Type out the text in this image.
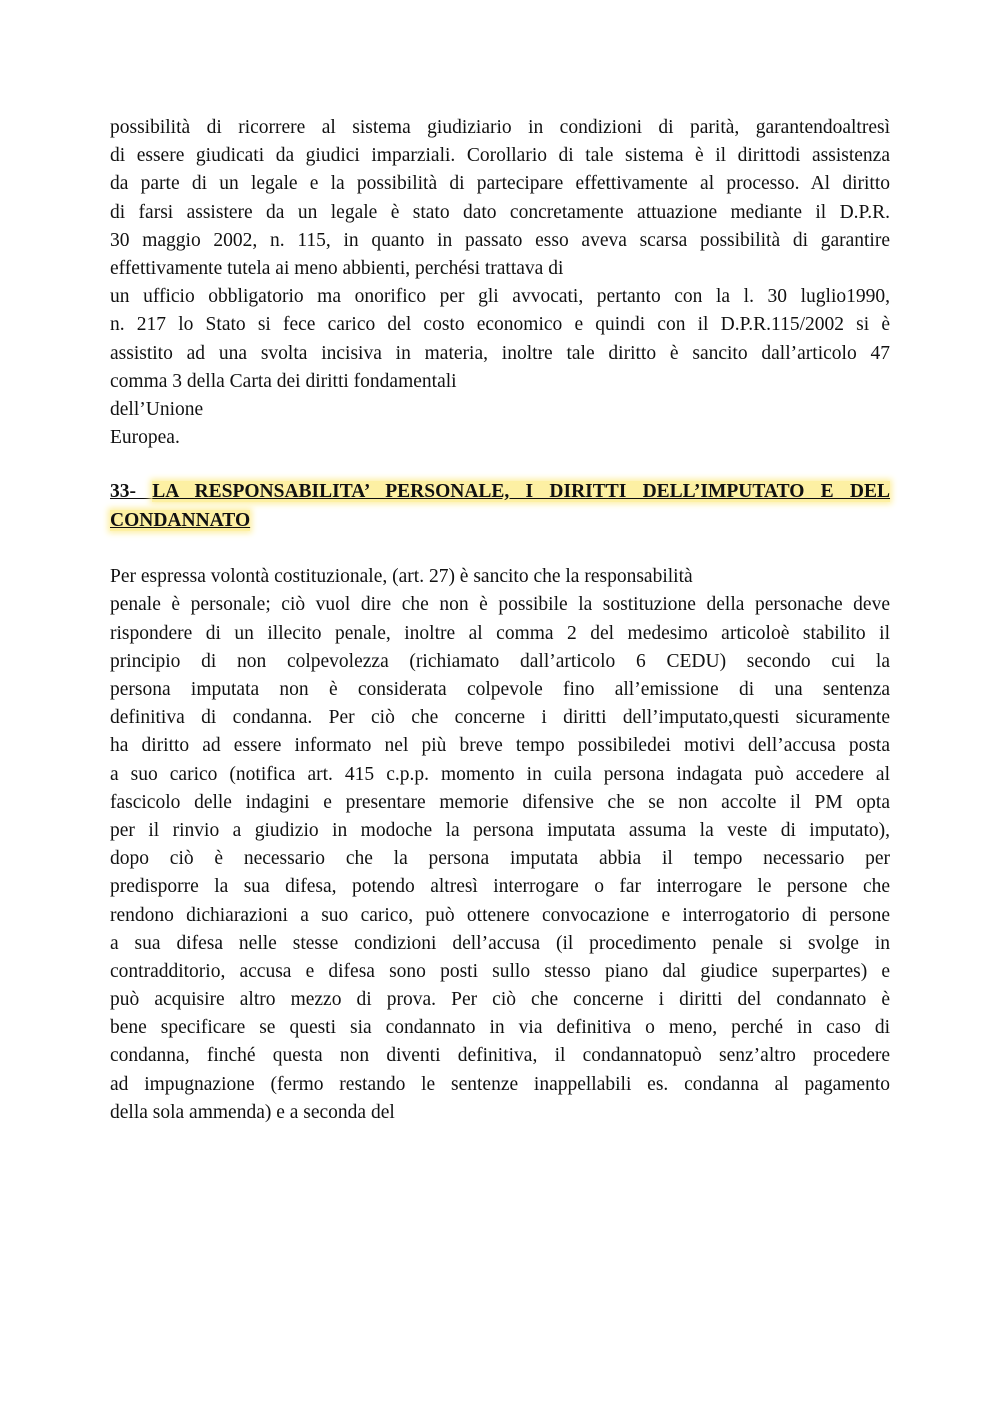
possibilità di ricorrere al sistema giudiziario in condizioni di parità, garantendoaltresì
di essere giudicati da giudici imparziali. Corollario di tale sistema è il dirittodi assistenza
da parte di un legale e la possibilità di partecipare effettivamente al processo. Al diritto
di farsi assistere da un legale è stato dato concretamente attuazione mediante il D.P.R.
30 maggio 2002, n. 115, in quanto in passato esso aveva scarsa possibilità di garantire
effettivamente tutela ai meno abbienti, perchési trattava di
un ufficio obbligatorio ma onorifico per gli avvocati, pertanto con la l. 30 luglio1990,
n. 217 lo Stato si fece carico del costo economico e quindi con il D.P.R.115/2002 si è
assistito ad una svolta incisiva in materia, inoltre tale diritto è sancito dall’articolo 47
comma 3 della Carta dei diritti fondamentali
dell’Unione
Europea.
33- LA RESPONSABILITA’ PERSONALE, I DIRITTI DELL’IMPUTATO E DEL
CONDANNATO
Per espressa volontà costituzionale, (art. 27) è sancito che la responsabilità
penale è personale; ciò vuol dire che non è possibile la sostituzione della personache deve
rispondere di un illecito penale, inoltre al comma 2 del medesimo articoloè stabilito il
principio di non colpevolezza (richiamato dall’articolo 6 CEDU) secondo cui la
persona imputata non è considerata colpevole fino all’emissione di una sentenza
definitiva di condanna. Per ciò che concerne i diritti dell’imputato,questi sicuramente
ha diritto ad essere informato nel più breve tempo possibiledei motivi dell’accusa posta
a suo carico (notifica art. 415 c.p.p. momento in cuila persona indagata può accedere al
fascicolo delle indagini e presentare memorie difensive che se non accolte il PM opta
per il rinvio a giudizio in modoche la persona imputata assuma la veste di imputato),
dopo ciò è necessario che la persona imputata abbia il tempo necessario per
predisporre la sua difesa, potendo altresì interrogare o far interrogare le persone che
rendono dichiarazioni a suo carico, può ottenere convocazione e interrogatorio di persone
a sua difesa nelle stesse condizioni dell’accusa (il procedimento penale si svolge in
contradditorio, accusa e difesa sono posti sullo stesso piano dal giudice superpartes) e
può acquisire altro mezzo di prova. Per ciò che concerne i diritti del condannato è
bene specificare se questi sia condannato in via definitiva o meno, perché in caso di
condanna, finché questa non diventi definitiva, il condannatopuò senz’altro procedere
ad impugnazione (fermo restando le sentenze inappellabili es. condanna al pagamento
della sola ammenda) e a seconda del
